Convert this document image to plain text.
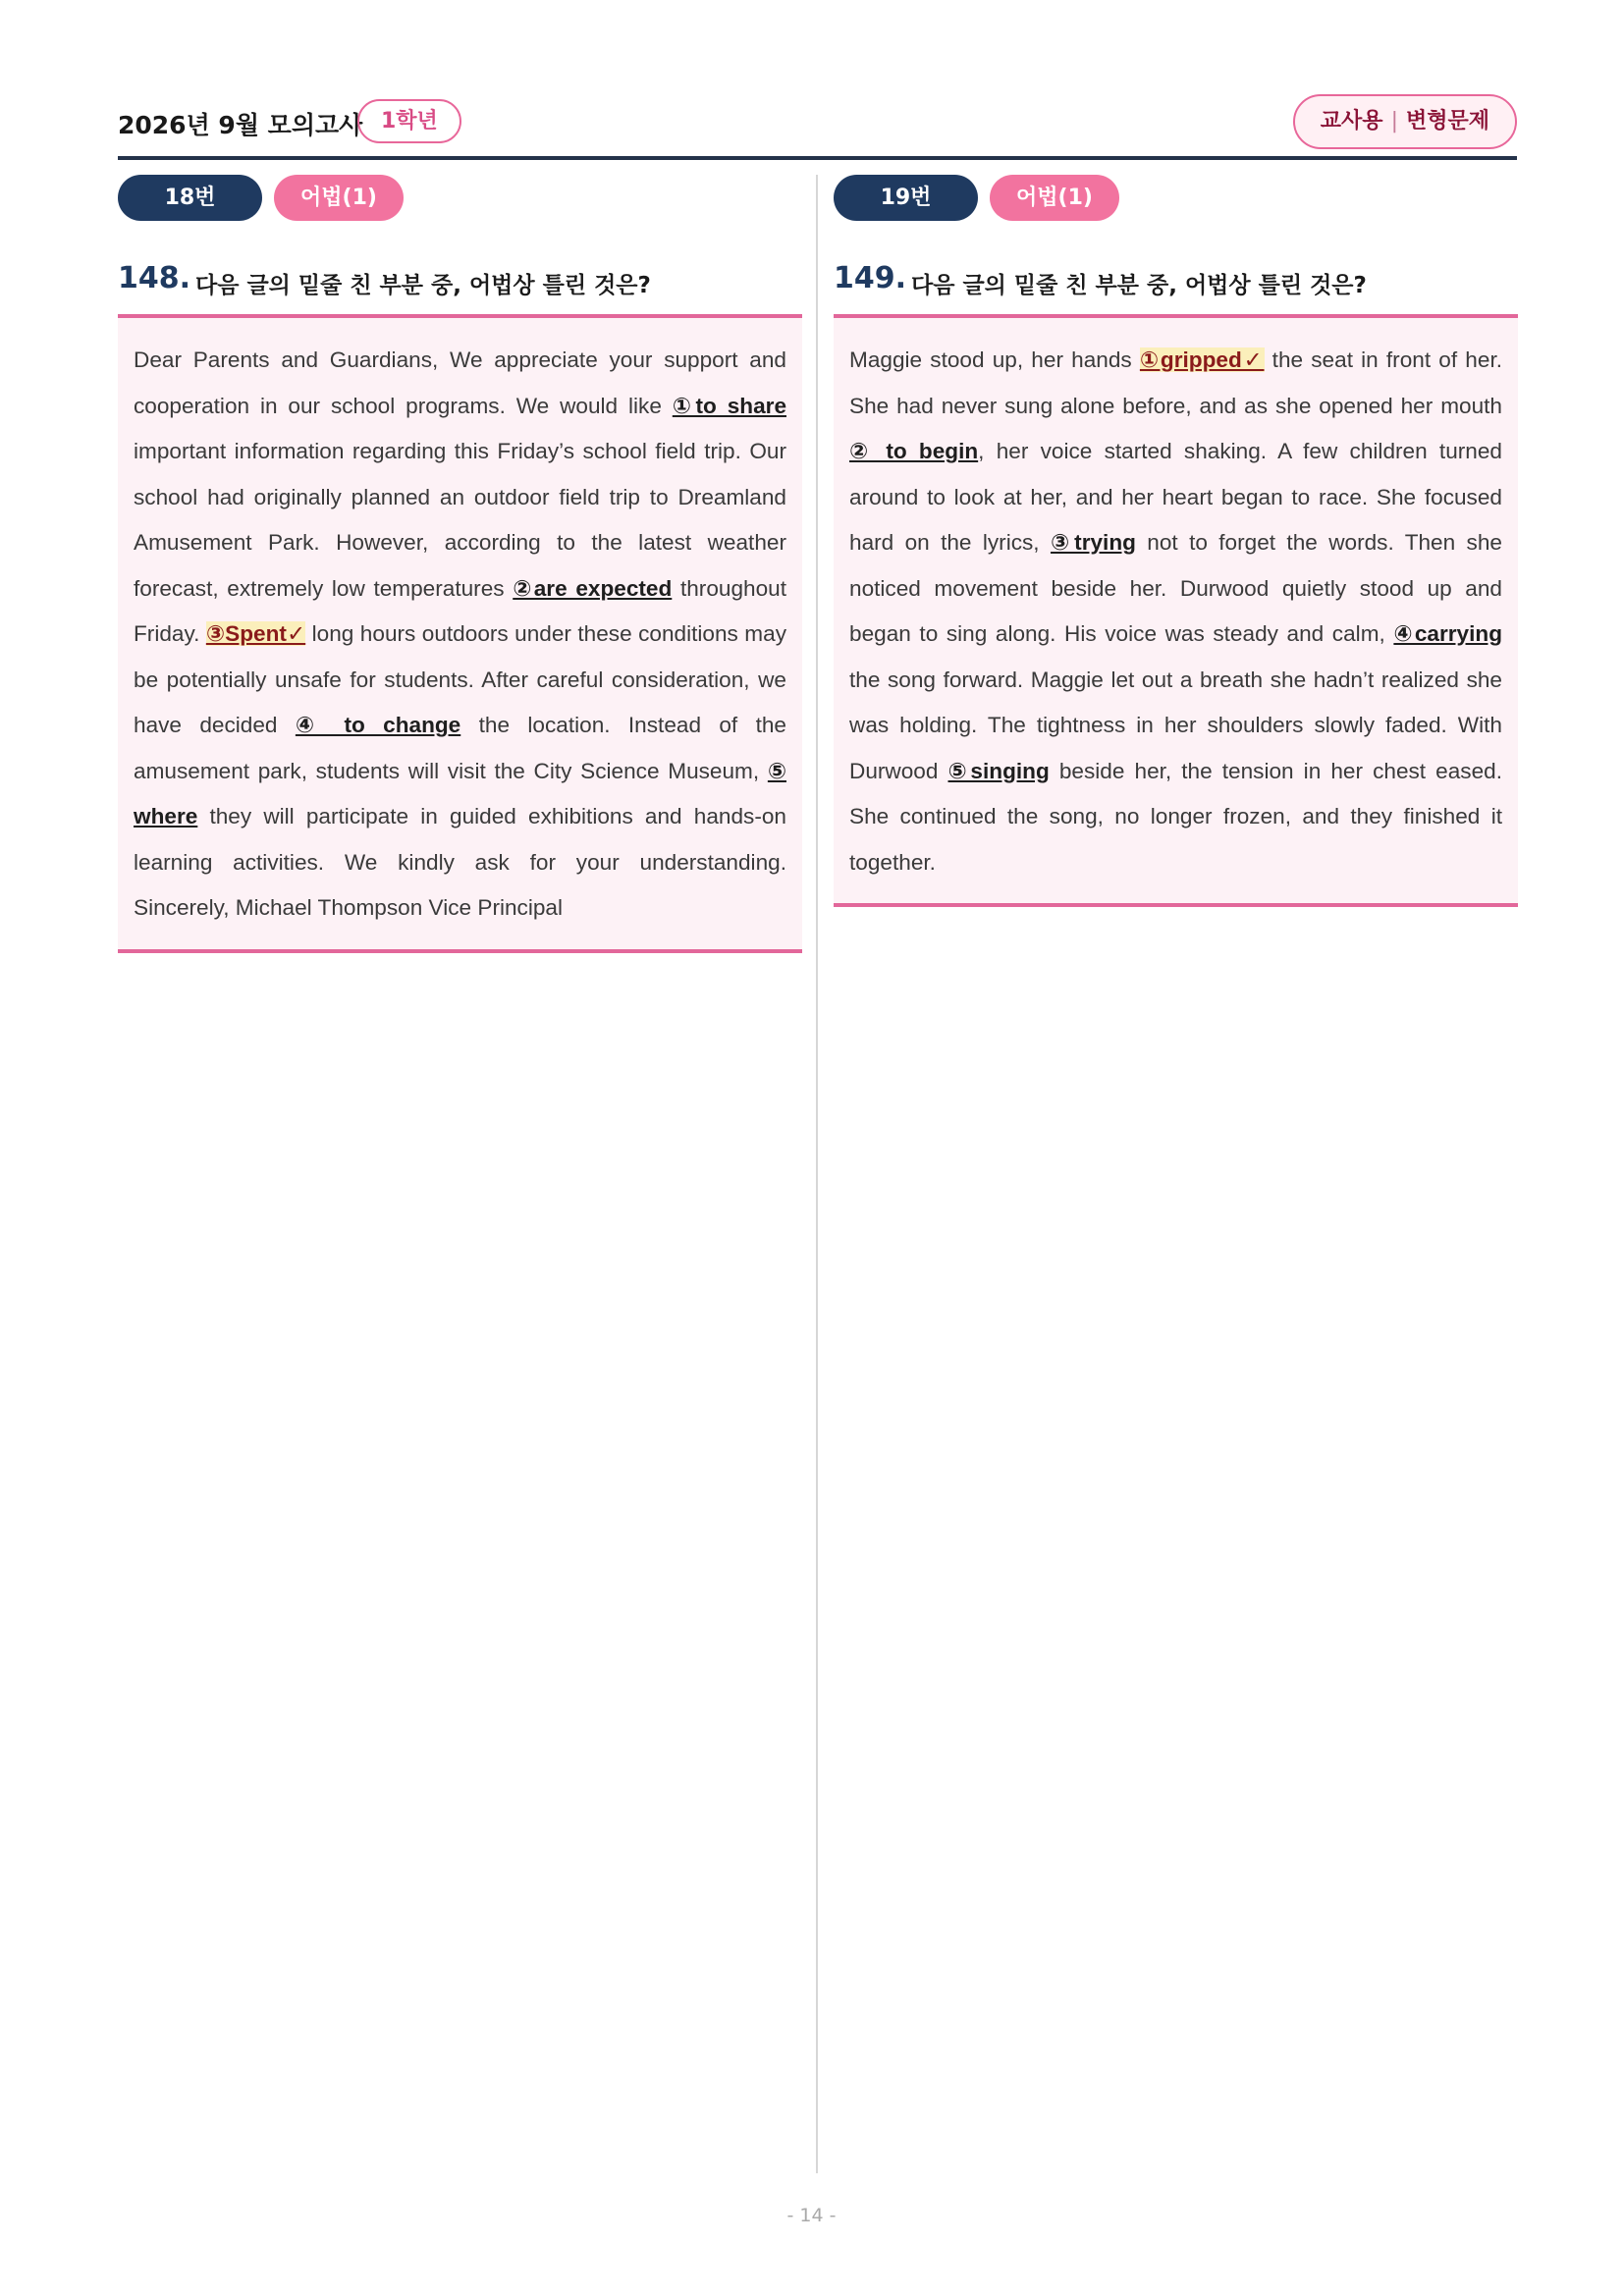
2026년 9월 모의고사 1학년	교사용 | 변형문제
18번	어법(1)
148. 다음 글의 밑줄 친 부분 중, 어법상 틀린 것은?

Dear Parents and Guardians, We appreciate your support and cooperation in our school programs. We would like ①to share important information regarding this Friday’s school field trip. Our school had originally planned an outdoor field trip to Dreamland Amusement Park. However, according to the latest weather forecast, extremely low temperatures ②are expected throughout Friday. ③Spent✓ long hours outdoors under these conditions may be potentially unsafe for students. After careful consideration, we have decided ④ to change the location. Instead of the amusement park, students will visit the City Science Museum, ⑤ where they will participate in guided exhibitions and hands-on learning activities. We kindly ask for your understanding. Sincerely, Michael Thompson Vice Principal

19번	어법(1)
149. 다음 글의 밑줄 친 부분 중, 어법상 틀린 것은?

Maggie stood up, her hands ①gripped✓ the seat in front of her. She had never sung alone before, and as she opened her mouth ② to begin, her voice started shaking. A few children turned around to look at her, and her heart began to race. She focused hard on the lyrics, ③trying not to forget the words. Then she noticed movement beside her. Durwood quietly stood up and began to sing along. His voice was steady and calm, ④carrying the song forward. Maggie let out a breath she hadn’t realized she was holding. The tightness in her shoulders slowly faded. With Durwood ⑤singing beside her, the tension in her chest eased. She continued the song, no longer frozen, and they finished it together.

- 14 -
